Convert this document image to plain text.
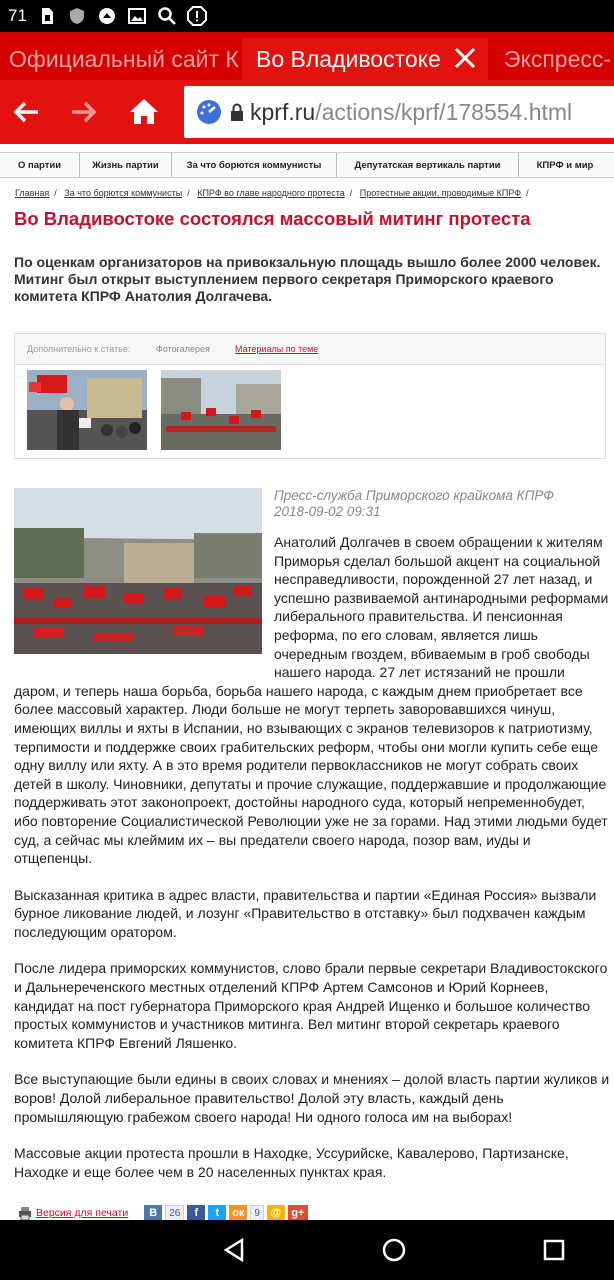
71
Официальный сайт К Во Владивостоке	Экспресс-
kprf.ru/actions/kprf/178554.html
О партии	Жизнь партии	За что борются коммунисты	Депутатская вертикаль партии	КПРФ и мир
Главная / За что борются коммунисты / КПРФ во главе народного протеста / Протестные акции, проводимые КПРФ /
Во Владивостоке состоялся массовый митинг протеста
По оценкам организаторов на привокзальную площадь вышло более 2000 человек. Митинг был открыт выступлением первого секретаря Приморского краевого комитета КПРФ Анатолия Долгачева.
Дополнительно к статье:	Фотогалерея	Материалы по теме
Пресс-служба Приморского крайкома КПРФ
2018-09-02 09:31

Анатолий Долгачев в своем обращении к жителям Приморья сделал большой акцент на социальной несправедливости, порожденной 27 лет назад, и успешно развиваемой антинародными реформами либерального правительства. И пенсионная реформа, по его словам, является лишь очередным гвоздем, вбиваемым в гроб свободы нашего народа. 27 лет истязаний не прошли даром, и теперь наша борьба, борьба нашего народа, с каждым днем приобретает все более массовый характер. Люди больше не могут терпеть заворовавшихся чинуш, имеющих виллы и яхты в Испании, но взывающих с экранов телевизоров к патриотизму, терпимости и поддержке своих грабительских реформ, чтобы они могли купить себе еще одну виллу или яхту. А в это время родители первоклассников не могут собрать своих детей в школу. Чиновники, депутаты и прочие служащие, поддержавшие и продолжающие поддерживать этот законопроект, достойны народного суда, который непременнобудет, ибо повторение Социалистической Революции уже не за горами. Над этими людьми будет суд, а сейчас мы клеймим их – вы предатели своего народа, позор вам, иуды и отщепенцы.

Высказанная критика в адрес власти, правительства и партии «Единая Россия» вызвали бурное ликование людей, и лозунг «Правительство в отставку» был подхвачен каждым последующим оратором.

После лидера приморских коммунистов, слово брали первые секретари Владивостокского и Дальнереченского местных отделений КПРФ Артем Самсонов и Юрий Корнеев, кандидат на пост губернатора Приморского края Андрей Ищенко и большое количество простых коммунистов и участников митинга. Вел митинг второй секретарь краевого комитета КПРФ Евгений Ляшенко.

Все выступающие были едины в своих словах и мнениях – долой власть партии жуликов и воров! Долой либеральное правительство! Долой эту власть, каждый день промышляющую грабежом своего народа! Ни одного голоса им на выборах!

Массовые акции протеста прошли в Находке, Уссурийске, Кавалерово, Партизанске, Находке и еще более чем в 20 населенных пунктах края.

Версия для печати В	26	f t ок 9 @ g+
